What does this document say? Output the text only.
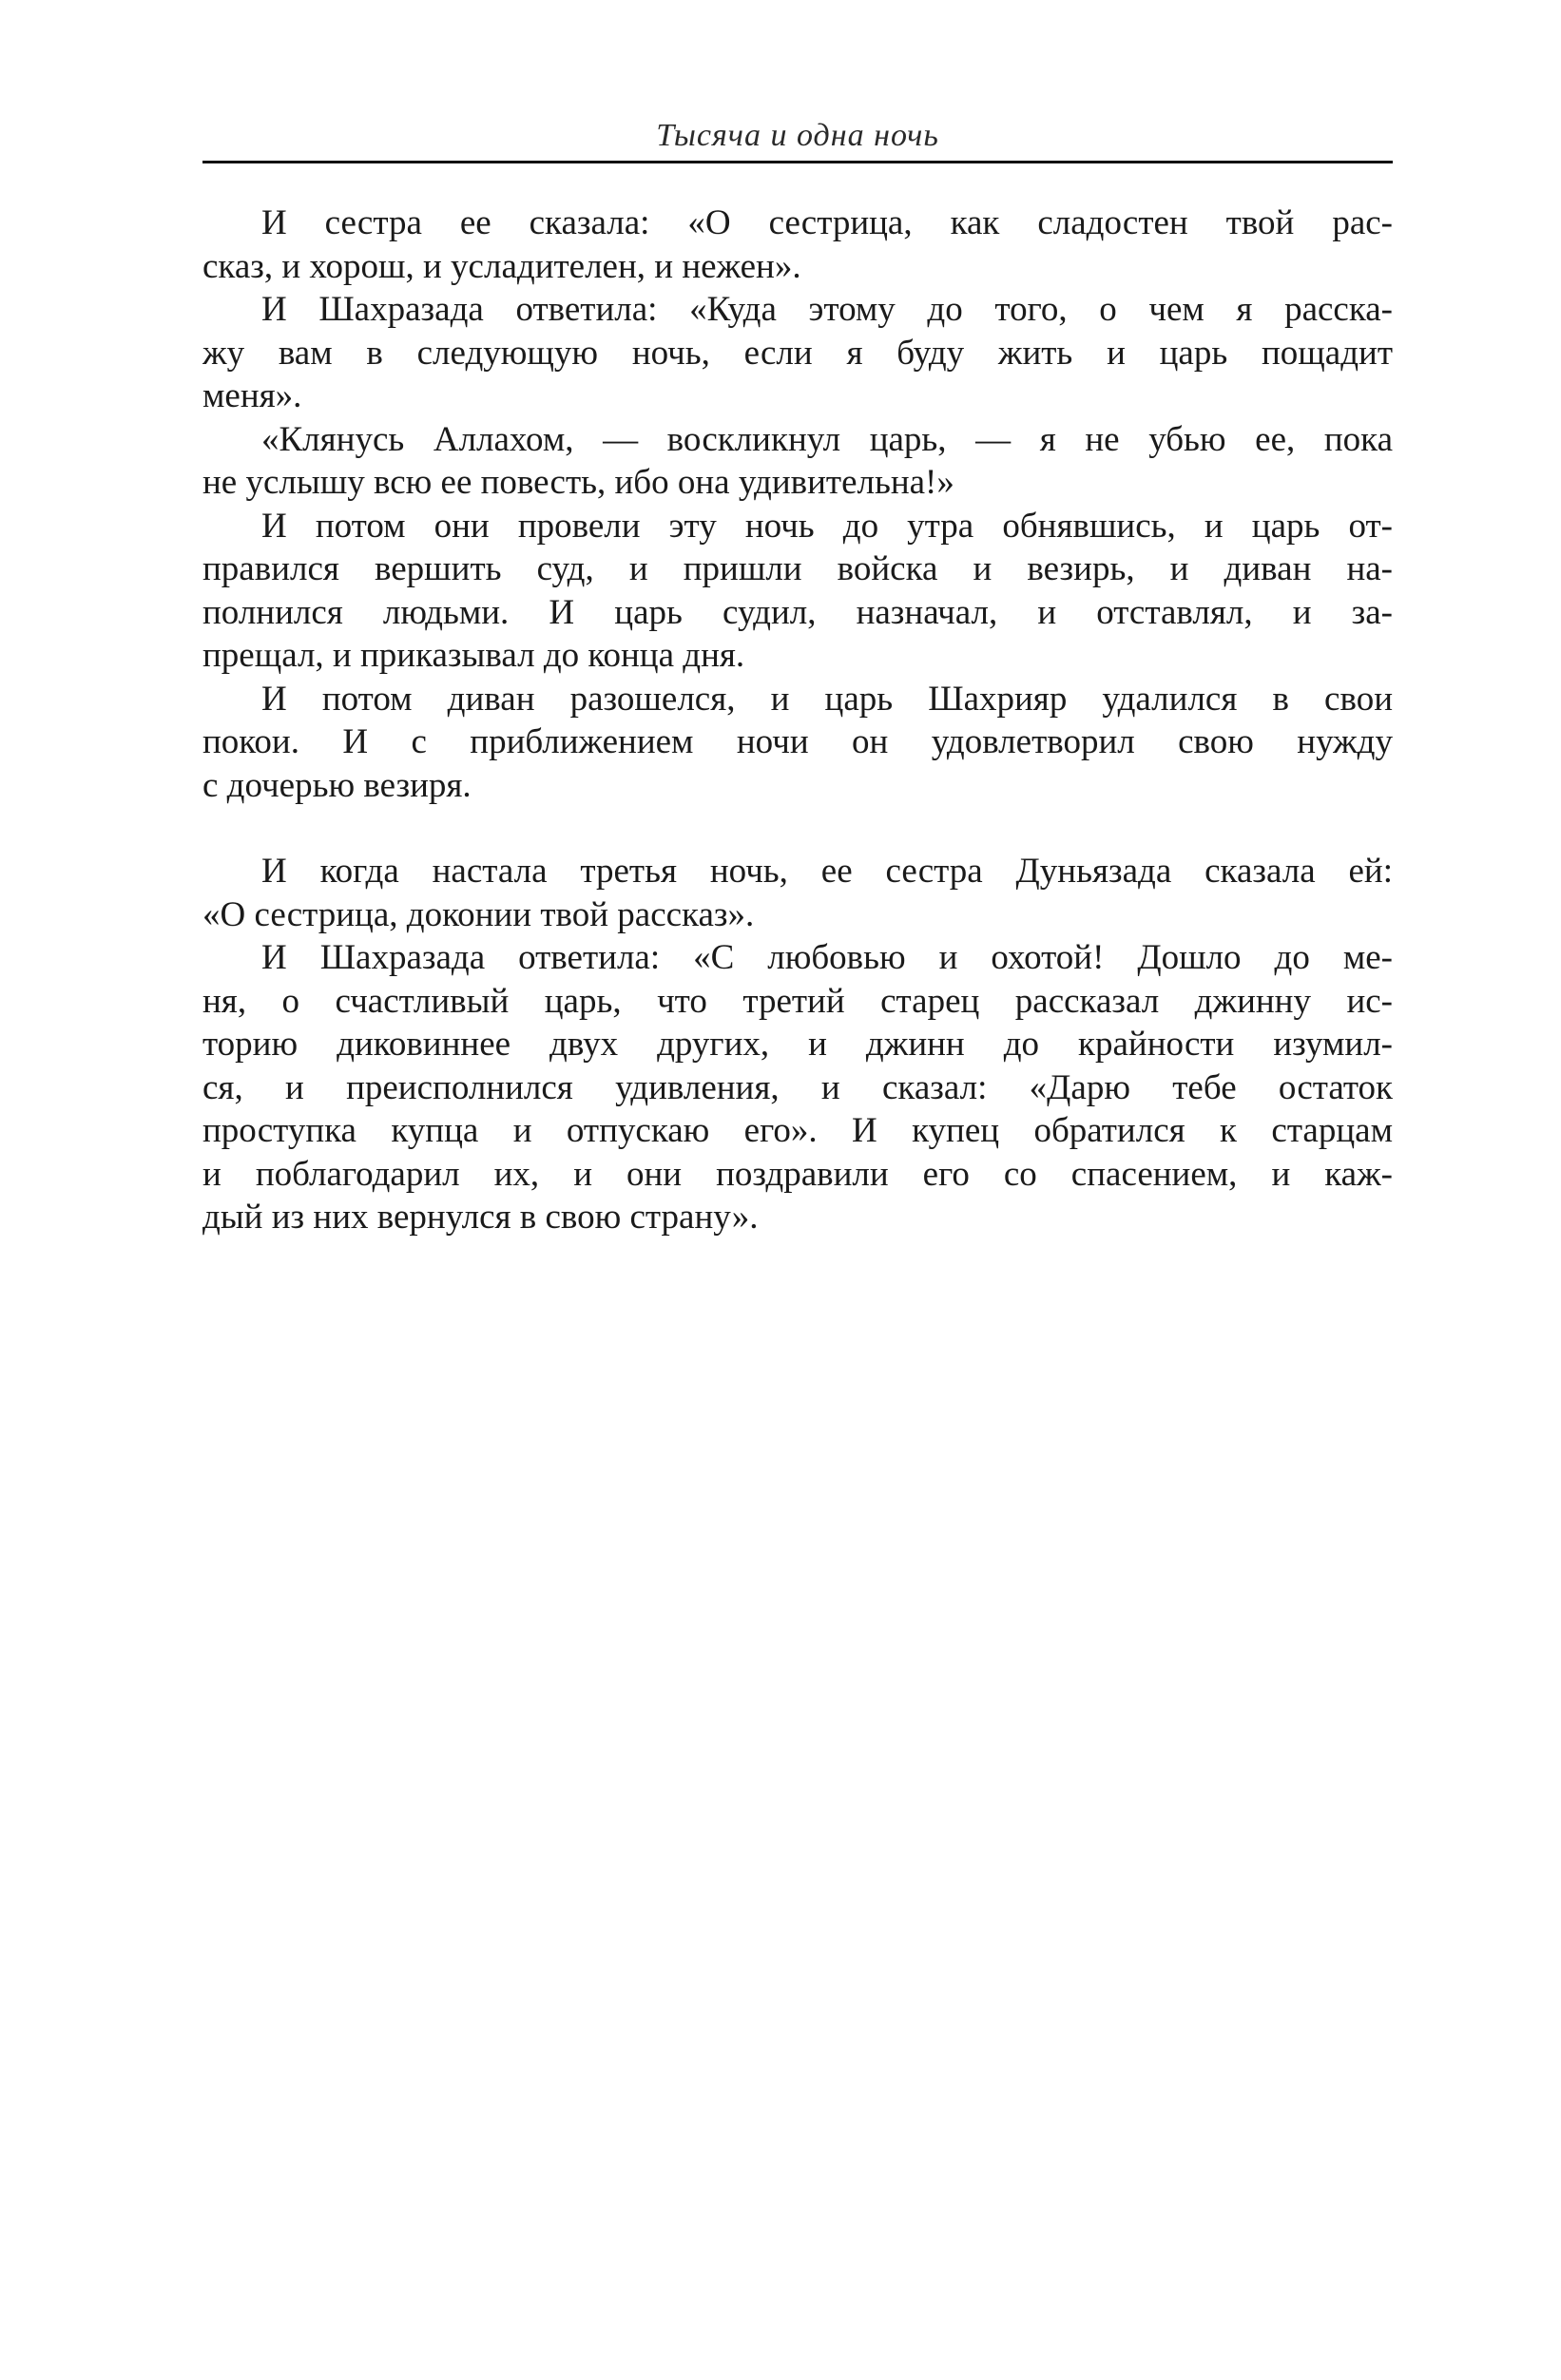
Тысяча и одна ночь
И сестра ее сказала: «О сестрица, как сладостен твой рас-
сказ, и хорош, и усладителен, и нежен».
И Шахразада ответила: «Куда этому до того, о чем я расска-
жу вам в следующую ночь, если я буду жить и царь пощадит
меня».
«Клянусь Аллахом, — воскликнул царь, — я не убью ее, пока
не услышу всю ее повесть, ибо она удивительна!»
И потом они провели эту ночь до утра обнявшись, и царь от-
правился вершить суд, и пришли войска и везирь, и диван на-
полнился людьми. И царь судил, назначал, и отставлял, и за-
прещал, и приказывал до конца дня.
И потом диван разошелся, и царь Шахрияр удалился в свои
покои. И с приближением ночи он удовлетворил свою нужду
с дочерью везиря.
И когда настала третья ночь, ее сестра Дуньязада сказала ей:
«О сестрица, доконии твой рассказ».
И Шахразада ответила: «С любовью и охотой! Дошло до ме-
ня, о счастливый царь, что третий старец рассказал джинну ис-
торию диковиннее двух других, и джинн до крайности изумил-
ся, и преисполнился удивления, и сказал: «Дарю тебе остаток
проступка купца и отпускаю его». И купец обратился к старцам
и поблагодарил их, и они поздравили его со спасением, и каж-
дый из них вернулся в свою страну».
